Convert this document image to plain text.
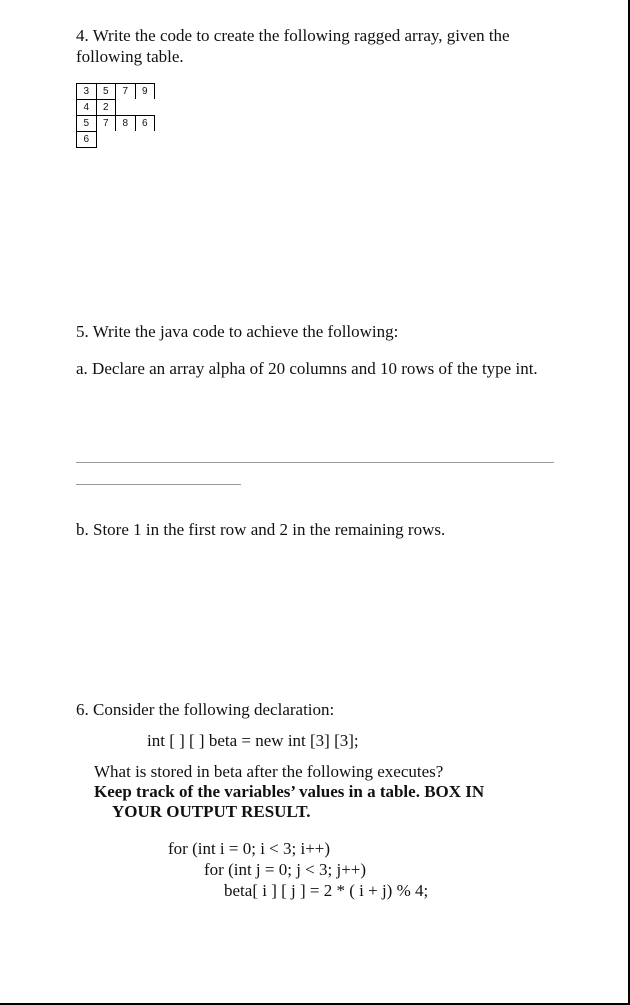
4. Write the code to create the following ragged array, given the following table.
3	5	7	9
4	2
5	7	8	6
6
5. Write the java code to achieve the following:
a. Declare an array alpha of 20 columns and 10 rows of the type int.
b. Store 1 in the first row and 2 in the remaining rows.
6. Consider the following declaration:
int [ ] [ ] beta = new int [3] [3];
What is stored in beta after the following executes?
Keep track of the variables’ values in a table. BOX IN
YOUR OUTPUT RESULT.
for (int i = 0; i < 3; i++)
for (int j = 0; j < 3; j++)
beta[ i ] [ j ] = 2 * ( i + j) % 4;
